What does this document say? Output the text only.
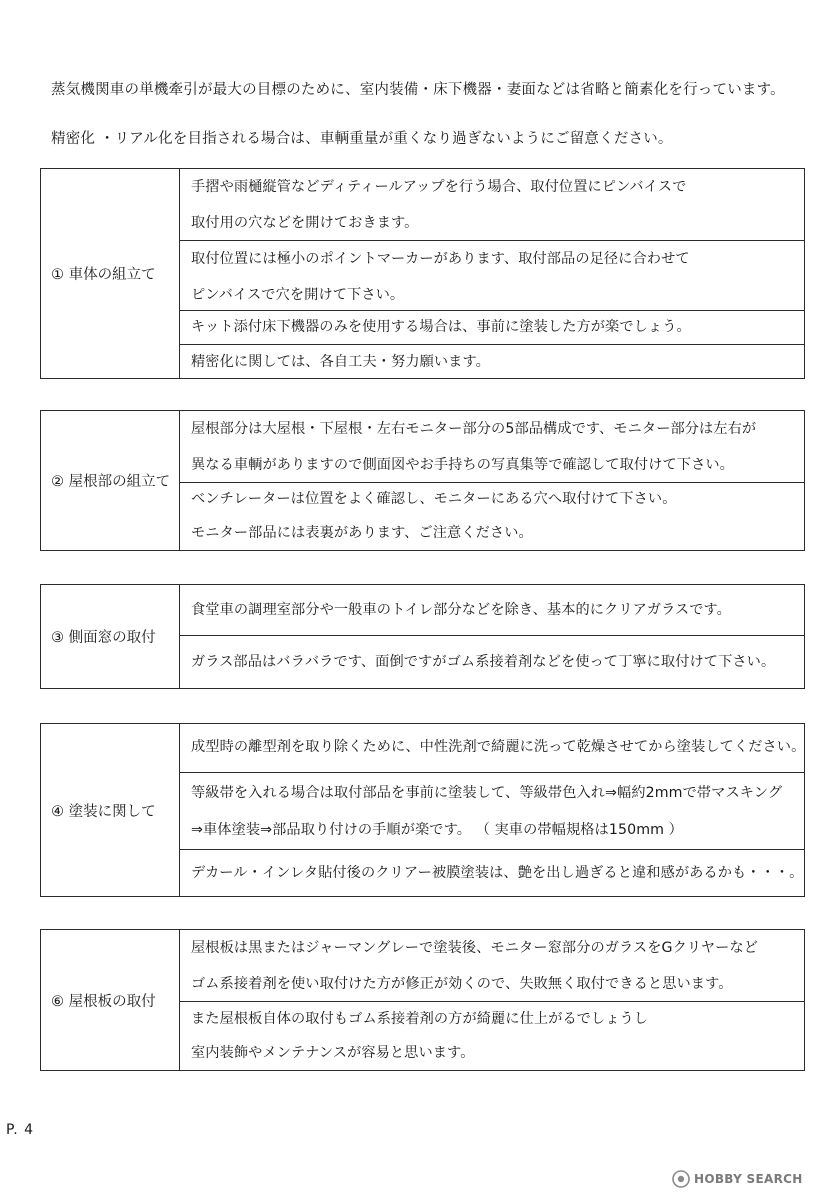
蒸気機関車の単機牽引が最大の目標のために、室内装備・床下機器・妻面などは省略と簡素化を行っています。
精密化 ・リアル化を目指される場合は、車輌重量が重くなり過ぎないようにご留意ください。
① 車体の組立て
手摺や雨樋縦管などディティールアップを行う場合、取付位置にピンバイスで
取付用の穴などを開けておきます。
取付位置には極小のポイントマーカーがあります、取付部品の足径に合わせて
ピンバイスで穴を開けて下さい。
キット添付床下機器のみを使用する場合は、事前に塗装した方が楽でしょう。
精密化に関しては、各自工夫・努力願います。
② 屋根部の組立て
屋根部分は大屋根・下屋根・左右モニター部分の5部品構成です、モニター部分は左右が
異なる車輌がありますので側面図やお手持ちの写真集等で確認して取付けて下さい。
ベンチレーターは位置をよく確認し、モニターにある穴へ取付けて下さい。
モニター部品には表裏があります、ご注意ください。
③ 側面窓の取付
食堂車の調理室部分や一般車のトイレ部分などを除き、基本的にクリアガラスです。
ガラス部品はバラバラです、面倒ですがゴム系接着剤などを使って丁寧に取付けて下さい。
④ 塗装に関して
成型時の離型剤を取り除くために、中性洗剤で綺麗に洗って乾燥させてから塗装してください。
等級帯を入れる場合は取付部品を事前に塗装して、等級帯色入れ⇒幅約2mmで帯マスキング
⇒車体塗装⇒部品取り付けの手順が楽です。 （ 実車の帯幅規格は150mm ）
デカール・インレタ貼付後のクリアー被膜塗装は、艶を出し過ぎると違和感があるかも・・・。
⑥ 屋根板の取付
屋根板は黒またはジャーマングレーで塗装後、モニター窓部分のガラスをGクリヤーなど
ゴム系接着剤を使い取付けた方が修正が効くので、失敗無く取付できると思います。
また屋根板自体の取付もゴム系接着剤の方が綺麗に仕上がるでしょうし
室内装飾やメンテナンスが容易と思います。
P. 4
HOBBY SEARCH
